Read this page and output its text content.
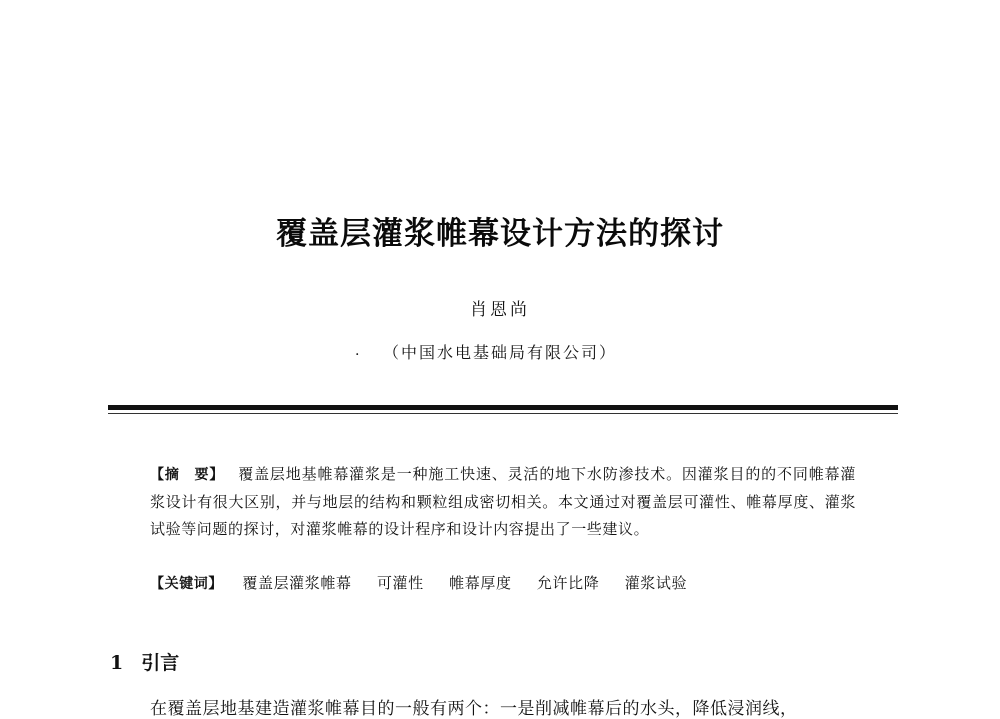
覆盖层灌浆帷幕设计方法的探讨
肖恩尚
.	（中国水电基础局有限公司）
【摘　要】 覆盖层地基帷幕灌浆是一种施工快速、灵活的地下水防渗技术。因灌浆目的的不同帷幕灌浆设计有很大区别，并与地层的结构和颗粒组成密切相关。本文通过对覆盖层可灌性、帷幕厚度、灌浆试验等问题的探讨，对灌浆帷幕的设计程序和设计内容提出了一些建议。
【关键词】 覆盖层灌浆帷幕 可灌性 帷幕厚度 允许比降 灌浆试验
1 引言
在覆盖层地基建造灌浆帷幕目的一般有两个：一是削减帷幕后的水头，降低浸润线，
